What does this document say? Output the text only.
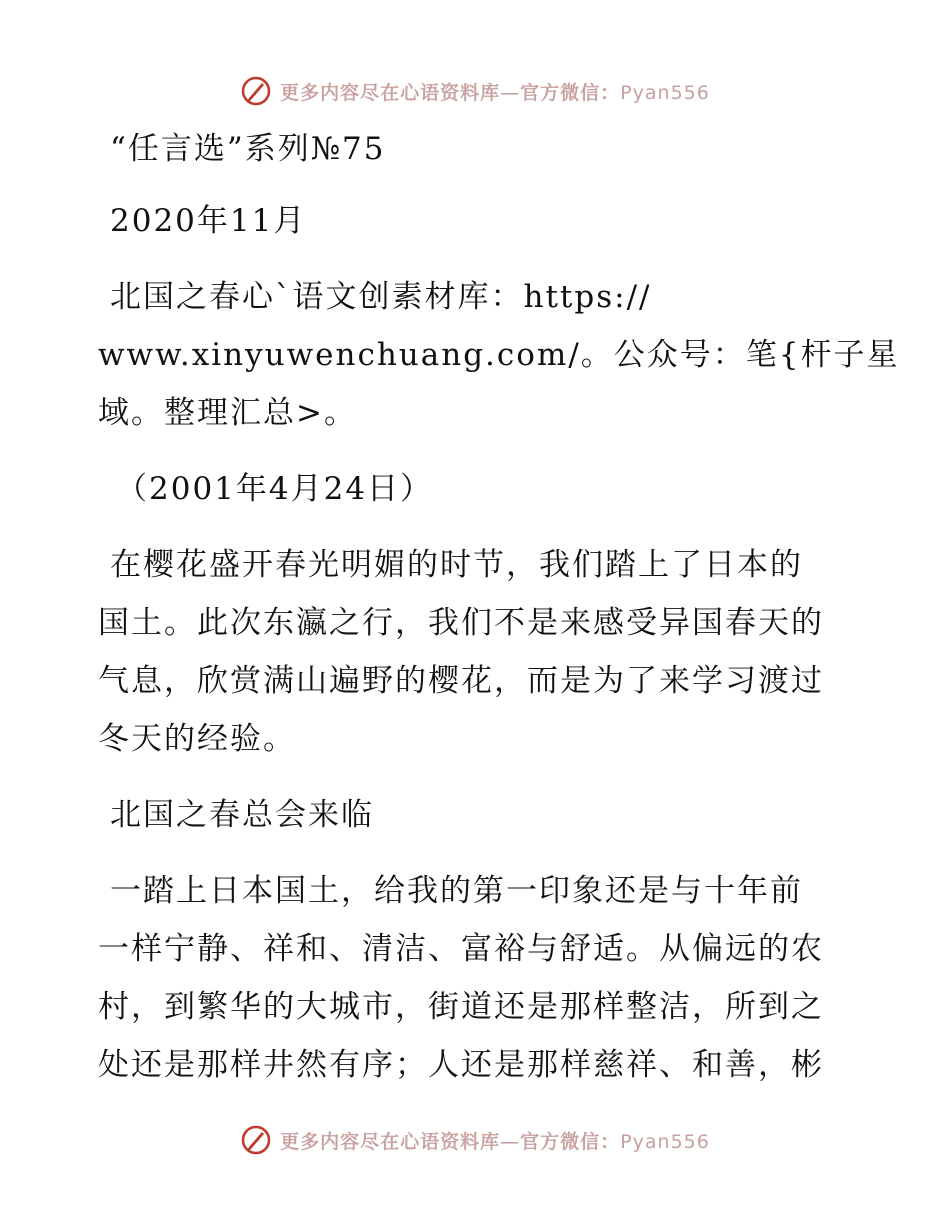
更多内容尽在心语资料库—官方微信：Pyan556
“任言选”系列№75
2020年11月
北国之春心`语文创素材库：https://
www.xinyuwenchuang.com/。公众号：笔{杆子星
域。整理汇总>。
（2001年4月24日）
在樱花盛开春光明媚的时节，我们踏上了日本的
国土。此次东瀛之行，我们不是来感受异国春天的
气息，欣赏满山遍野的樱花，而是为了来学习渡过
冬天的经验。
北国之春总会来临
一踏上日本国土，给我的第一印象还是与十年前
一样宁静、祥和、清洁、富裕与舒适。从偏远的农
村，到繁华的大城市，街道还是那样整洁，所到之
处还是那样井然有序；人还是那样慈祥、和善，彬
更多内容尽在心语资料库—官方微信：Pyan556
